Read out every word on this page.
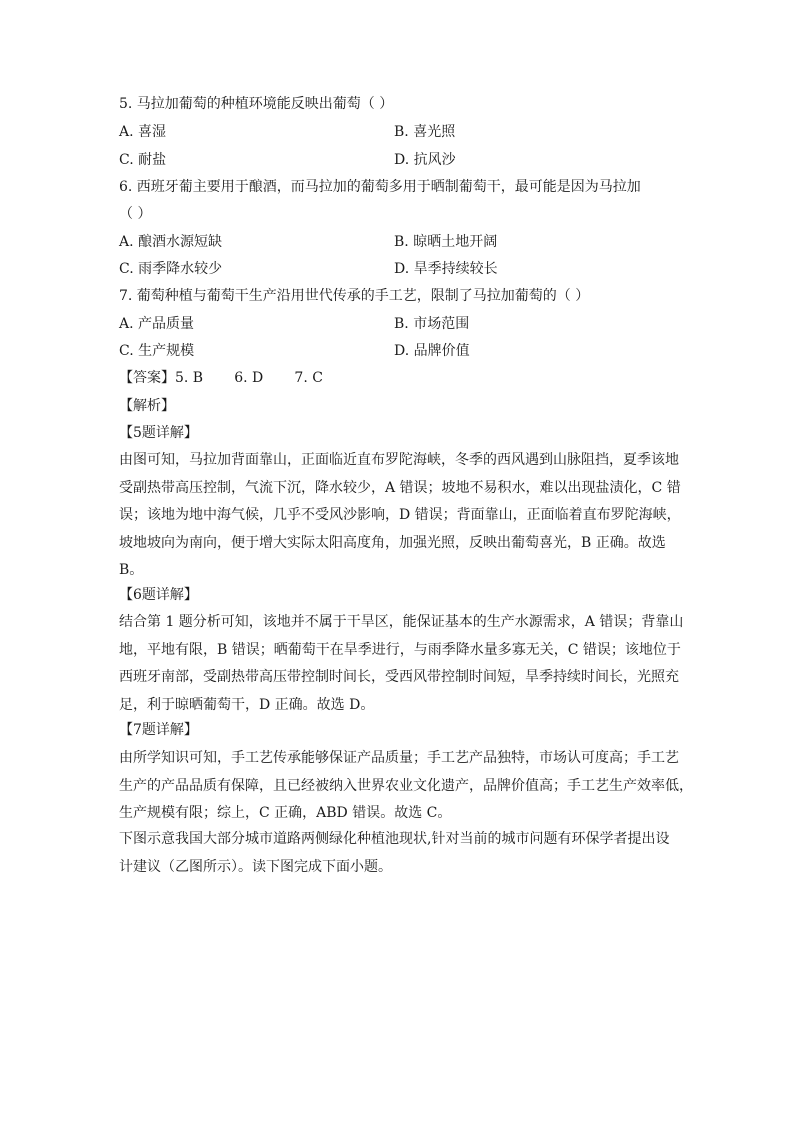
5. 马拉加葡萄的种植环境能反映出葡萄（ ）
A. 喜湿	B. 喜光照
C. 耐盐	D. 抗风沙
6. 西班牙葡主要用于酿酒，而马拉加的葡萄多用于晒制葡萄干，最可能是因为马拉加
（ ）
A. 酿酒水源短缺	B. 晾晒土地开阔
C. 雨季降水较少	D. 旱季持续较长
7. 葡萄种植与葡萄干生产沿用世代传承的手工艺，限制了马拉加葡萄的（ ）
A. 产品质量	B. 市场范围
C. 生产规模	D. 品牌价值
【答案】5. B       6. D       7. C
【解析】
【5题详解】
由图可知，马拉加背面靠山，正面临近直布罗陀海峡，冬季的西风遇到山脉阻挡，夏季该地
受副热带高压控制，气流下沉，降水较少，A 错误；坡地不易积水，难以出现盐渍化，C 错
误；该地为地中海气候，几乎不受风沙影响，D 错误；背面靠山，正面临着直布罗陀海峡，
坡地坡向为南向，便于增大实际太阳高度角，加强光照，反映出葡萄喜光，B 正确。故选
B。
【6题详解】
结合第 1 题分析可知，该地并不属于干旱区，能保证基本的生产水源需求，A 错误；背靠山
地，平地有限，B 错误；晒葡萄干在旱季进行，与雨季降水量多寡无关，C 错误；该地位于
西班牙南部，受副热带高压带控制时间长，受西风带控制时间短，旱季持续时间长，光照充
足，利于晾晒葡萄干，D 正确。故选 D。
【7题详解】
由所学知识可知，手工艺传承能够保证产品质量；手工艺产品独特，市场认可度高；手工艺
生产的产品品质有保障，且已经被纳入世界农业文化遗产，品牌价值高；手工艺生产效率低，
生产规模有限；综上，C 正确，ABD 错误。故选 C。
下图示意我国大部分城市道路两侧绿化种植池现状,针对当前的城市问题有环保学者提出设
计建议（乙图所示）。读下图完成下面小题。
